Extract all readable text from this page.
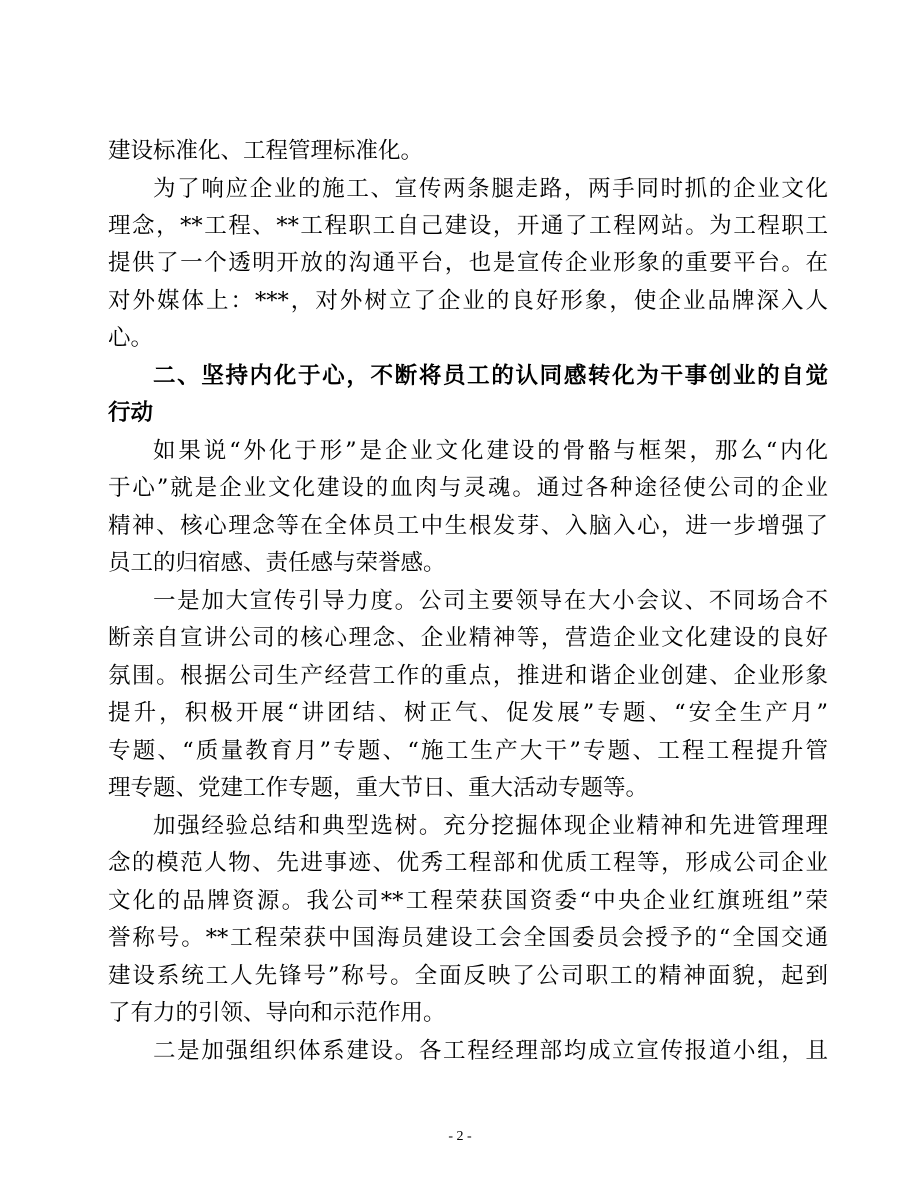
建设标准化、工程管理标准化。
为了响应企业的施工、宣传两条腿走路，两手同时抓的企业文化
理念，**工程、**工程职工自己建设，开通了工程网站。为工程职工
提供了一个透明开放的沟通平台，也是宣传企业形象的重要平台。在
对外媒体上：***，对外树立了企业的良好形象，使企业品牌深入人
心。
二、坚持内化于心，不断将员工的认同感转化为干事创业的自觉
行动
如果说“外化于形”是企业文化建设的骨骼与框架，那么“内化
于心”就是企业文化建设的血肉与灵魂。通过各种途径使公司的企业
精神、核心理念等在全体员工中生根发芽、入脑入心，进一步增强了
员工的归宿感、责任感与荣誉感。
一是加大宣传引导力度。公司主要领导在大小会议、不同场合不
断亲自宣讲公司的核心理念、企业精神等，营造企业文化建设的良好
氛围。根据公司生产经营工作的重点，推进和谐企业创建、企业形象
提升，积极开展“讲团结、树正气、促发展”专题、“安全生产月”
专题、“质量教育月”专题、“施工生产大干”专题、工程工程提升管
理专题、党建工作专题，重大节日、重大活动专题等。
加强经验总结和典型选树。充分挖掘体现企业精神和先进管理理
念的模范人物、先进事迹、优秀工程部和优质工程等，形成公司企业
文化的品牌资源。我公司**工程荣获国资委“中央企业红旗班组”荣
誉称号。**工程荣获中国海员建设工会全国委员会授予的“全国交通
建设系统工人先锋号”称号。全面反映了公司职工的精神面貌，起到
了有力的引领、导向和示范作用。
二是加强组织体系建设。各工程经理部均成立宣传报道小组，且
- 2 -
